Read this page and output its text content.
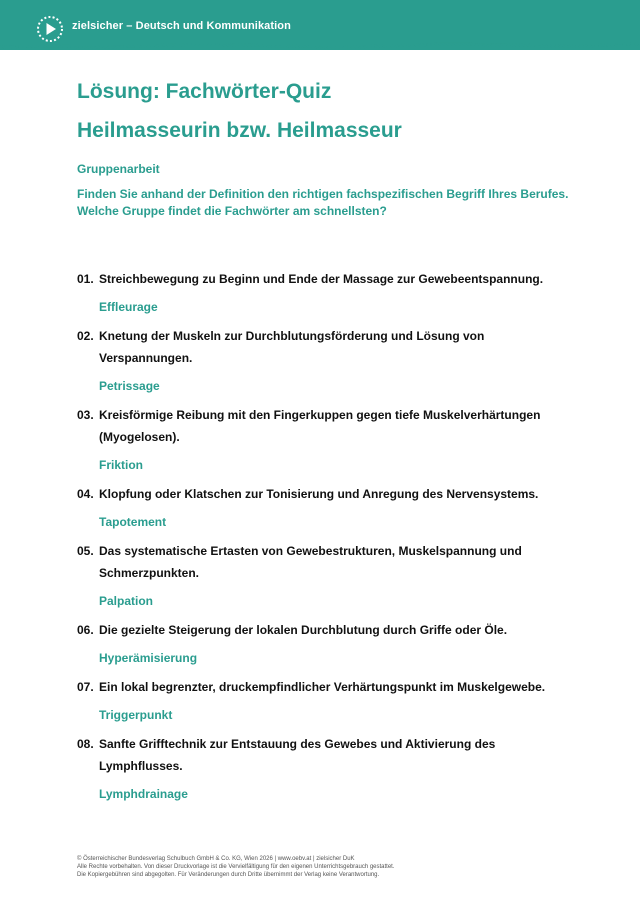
zielsicher – Deutsch und Kommunikation
Lösung: Fachwörter-Quiz
Heilmasseurin bzw. Heilmasseur
Gruppenarbeit
Finden Sie anhand der Definition den richtigen fachspezifischen Begriff Ihres Berufes.
Welche Gruppe findet die Fachwörter am schnellsten?
01. Streichbewegung zu Beginn und Ende der Massage zur Gewebeentspannung.
Effleurage
02. Knetung der Muskeln zur Durchblutungsförderung und Lösung von Verspannungen.
Petrissage
03. Kreisförmige Reibung mit den Fingerkuppen gegen tiefe Muskelverhärtungen (Myogelosen).
Friktion
04. Klopfung oder Klatschen zur Tonisierung und Anregung des Nervensystems.
Tapotement
05. Das systematische Ertasten von Gewebestrukturen, Muskelspannung und Schmerzpunkten.
Palpation
06. Die gezielte Steigerung der lokalen Durchblutung durch Griffe oder Öle.
Hyperämisierung
07. Ein lokal begrenzter, druckempfindlicher Verhärtungspunkt im Muskelgewebe.
Triggerpunkt
08. Sanfte Grifftechnik zur Entstauung des Gewebes und Aktivierung des Lymphflusses.
Lymphdrainage
© Österreichischer Bundesverlag Schulbuch GmbH & Co. KG, Wien 2026 | www.oebv.at | zielsicher DuK
Alle Rechte vorbehalten. Von dieser Druckvorlage ist die Vervielfältigung für den eigenen Unterrichtsgebrauch gestattet.
Die Kopiergebühren sind abgegolten. Für Veränderungen durch Dritte übernimmt der Verlag keine Verantwortung.
